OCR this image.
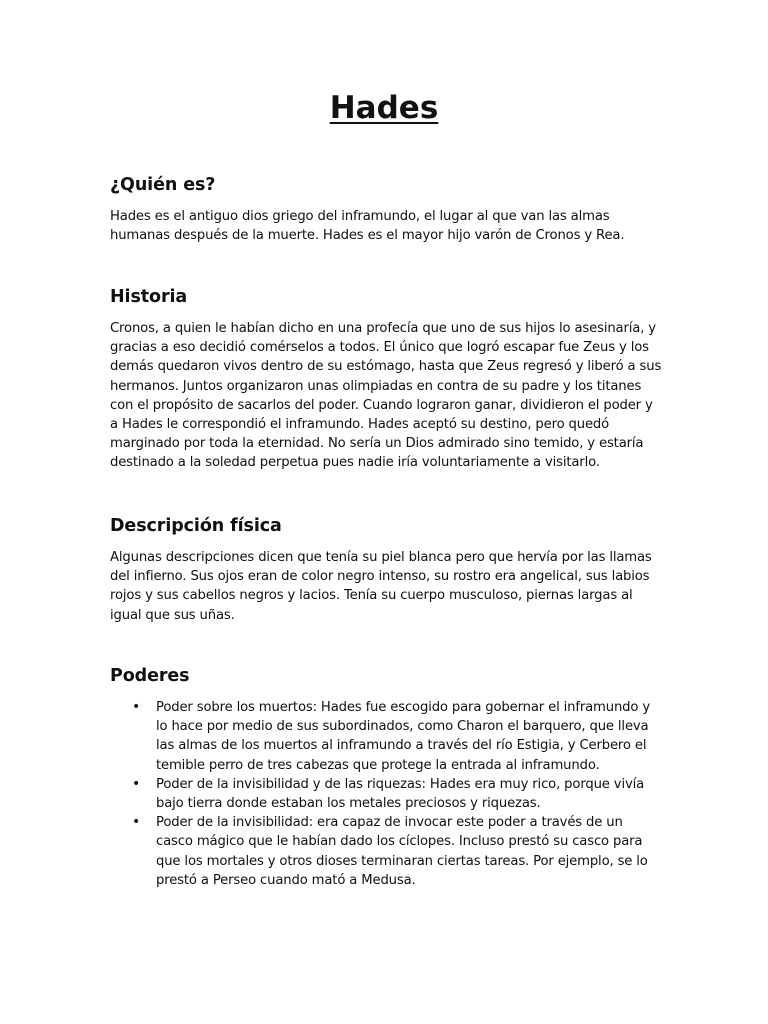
Hades
¿Quién es?

Hades es el antiguo dios griego del inframundo, el lugar al que van las almas humanas después de la muerte. Hades es el mayor hijo varón de Cronos y Rea.

Historia

Cronos, a quien le habían dicho en una profecía que uno de sus hijos lo asesinaría, y gracias a eso decidió comérselos a todos. El único que logró escapar fue Zeus y los demás quedaron vivos dentro de su estómago, hasta que Zeus regresó y liberó a sus hermanos. Juntos organizaron unas olimpiadas en contra de su padre y los titanes con el propósito de sacarlos del poder. Cuando lograron ganar, dividieron el poder y a Hades le correspondió el inframundo. Hades aceptó su destino, pero quedó marginado por toda la eternidad. No sería un Dios admirado sino temido, y estaría destinado a la soledad perpetua pues nadie iría voluntariamente a visitarlo.

Descripción física

Algunas descripciones dicen que tenía su piel blanca pero que hervía por las llamas del infierno. Sus ojos eran de color negro intenso, su rostro era angelical, sus labios rojos y sus cabellos negros y lacios. Tenía su cuerpo musculoso, piernas largas al igual que sus uñas.

Poderes
• Poder sobre los muertos: Hades fue escogido para gobernar el inframundo y lo hace por medio de sus subordinados, como Charon el barquero, que lleva las almas de los muertos al inframundo a través del río Estigia, y Cerbero el temible perro de tres cabezas que protege la entrada al inframundo.
• Poder de la invisibilidad y de las riquezas: Hades era muy rico, porque vivía bajo tierra donde estaban los metales preciosos y riquezas.
• Poder de la invisibilidad: era capaz de invocar este poder a través de un casco mágico que le habían dado los cíclopes. Incluso prestó su casco para que los mortales y otros dioses terminaran ciertas tareas. Por ejemplo, se lo prestó a Perseo cuando mató a Medusa.
